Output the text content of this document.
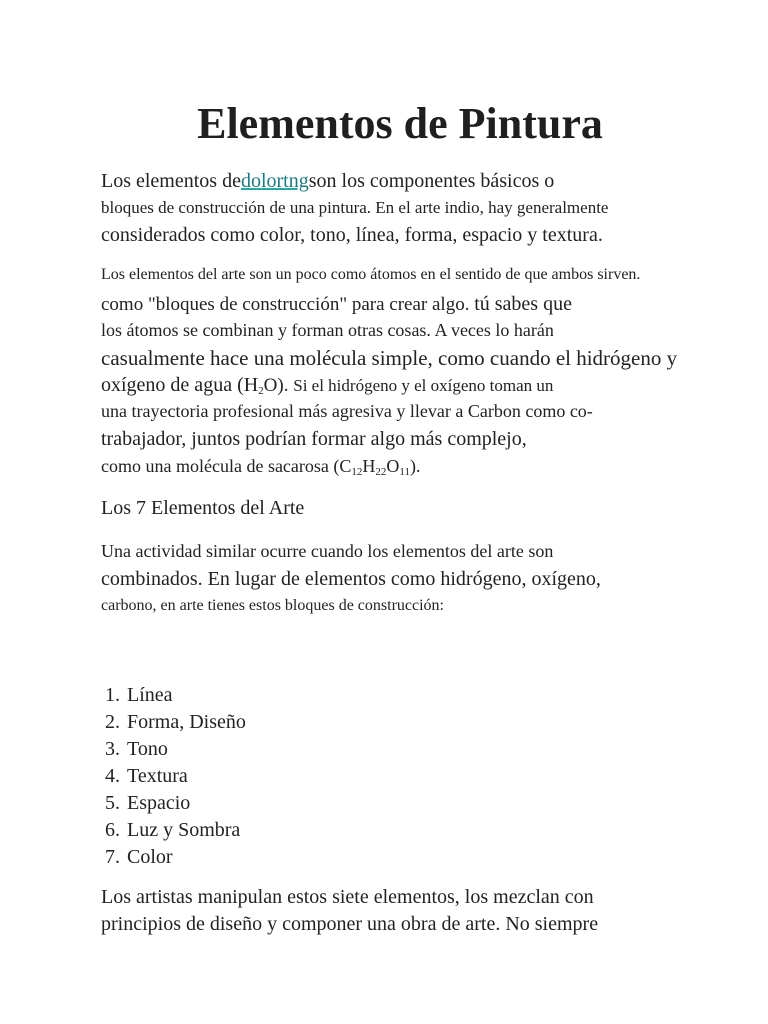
Elementos de Pintura

Los elementos dedolortngson los componentes básicos o

bloques de construcción de una pintura. En el arte indio, hay generalmente

considerados como color, tono, línea, forma, espacio y textura.

Los elementos del arte son un poco como átomos en el sentido de que ambos sirven.

como "bloques de construcción" para crear algo. tú sabes que

los átomos se combinan y forman otras cosas. A veces lo harán

casualmente hace una molécula simple, como cuando el hidrógeno y

oxígeno de agua $(H_2O)$. Si el hidrógeno y el oxígeno toman un

una trayectoria profesional más agresiva y llevar a Carbon como co-

trabajador, juntos podrían formar algo más complejo,

como una molécula de sacarosa $(C_{12}H_{22}O_{11})$.

Los 7 Elementos del Arte

Una actividad similar ocurre cuando los elementos del arte son

combinados. En lugar de elementos como hidrógeno, oxígeno,

carbono, en arte tienes estos bloques de construcción:

1. Línea
2. Forma, Diseño
3. Tono
4. Textura
5. Espacio
6. Luz y Sombra
7. Color

Los artistas manipulan estos siete elementos, los mezclan con

principios de diseño y componer una obra de arte. No siempre
